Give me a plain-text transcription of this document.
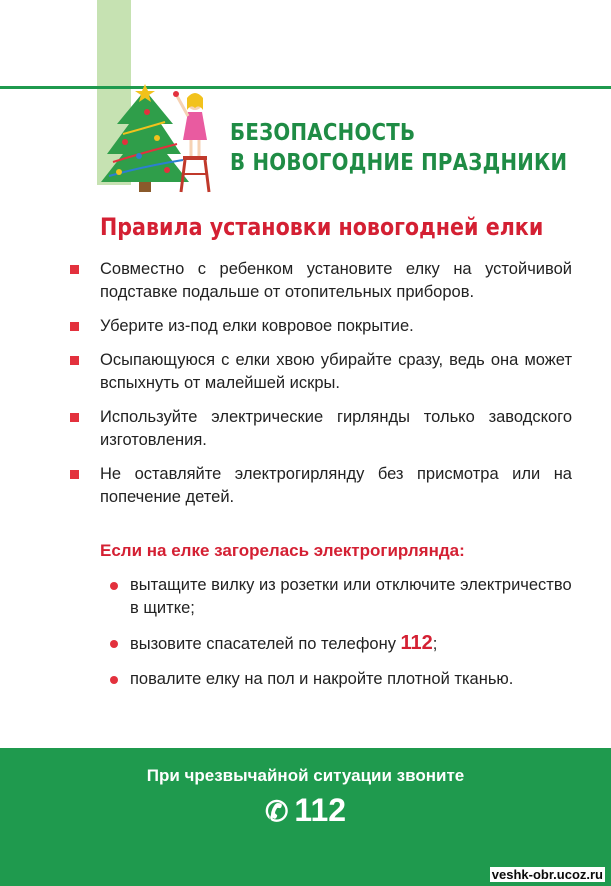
БЕЗОПАСНОСТЬ
В НОВОГОДНИЕ ПРАЗДНИКИ
Правила установки новогодней елки
Совместно с ребенком установите елку на устойчивой подставке подальше от отопительных приборов.
Уберите из-под елки ковровое покрытие.
Осыпающуюся с елки хвою убирайте сразу, ведь она может вспыхнуть от малейшей искры.
Используйте электрические гирлянды только заводского изготовления.
Не оставляйте электрогирлянду без присмотра или на попечение детей.
Если на елке загорелась электрогирлянда:
вытащите вилку из розетки или отключите электричество в щитке;
вызовите спасателей по телефону 112;
повалите елку на пол и накройте плотной тканью.
При чрезвычайной ситуации звоните
✆ 112
veshk-obr.ucoz.ru
